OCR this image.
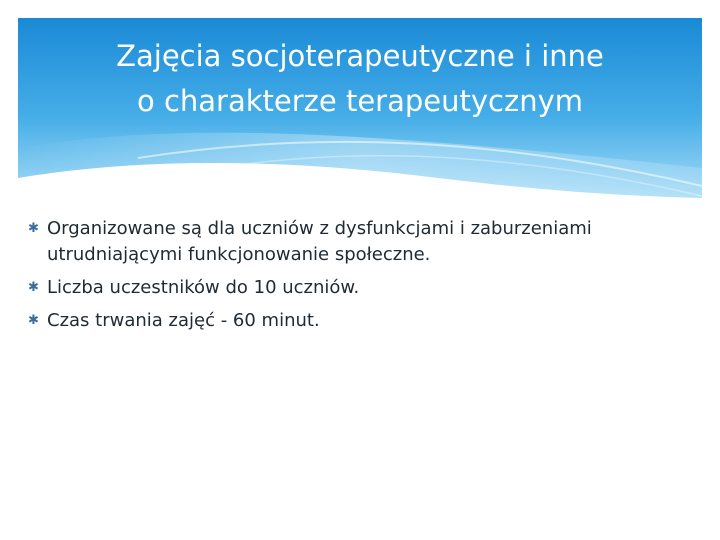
Zajęcia socjoterapeutyczne i inne
o charakterze terapeutycznym
✱ Organizowane są dla uczniów z dysfunkcjami i zaburzeniami utrudniającymi funkcjonowanie społeczne.
✱ Liczba uczestników do 10 uczniów.
✱ Czas trwania zajęć - 60 minut.
